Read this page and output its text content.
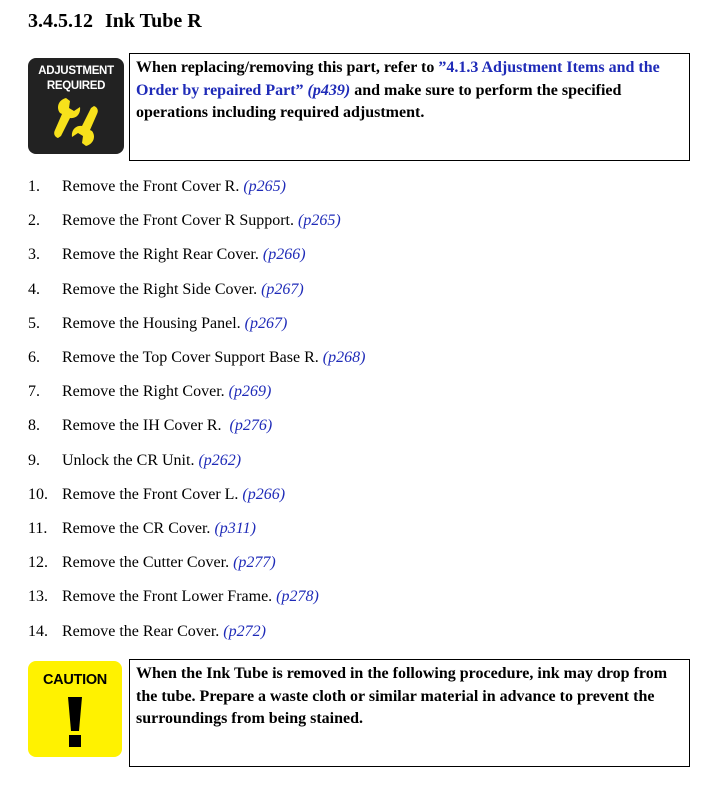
3.4.5.12 Ink Tube R
ADJUSTMENT REQUIRED
When replacing/removing this part, refer to ”4.1.3 Adjustment Items and the Order by repaired Part” (p439) and make sure to perform the specified operations including required adjustment.
1.	Remove the Front Cover R. (p265)
2.	Remove the Front Cover R Support. (p265)
3.	Remove the Right Rear Cover. (p266)
4.	Remove the Right Side Cover. (p267)
5.	Remove the Housing Panel. (p267)
6.	Remove the Top Cover Support Base R. (p268)
7.	Remove the Right Cover. (p269)
8.	Remove the IH Cover R. (p276)
9.	Unlock the CR Unit. (p262)
10. Remove the Front Cover L. (p266)
11. Remove the CR Cover. (p311)
12. Remove the Cutter Cover. (p277)
13. Remove the Front Lower Frame. (p278)
14. Remove the Rear Cover. (p272)
CAUTION	When the Ink Tube is removed in the following procedure, ink may drop from the tube. Prepare a waste cloth or similar material in advance to prevent the surroundings from being stained.
